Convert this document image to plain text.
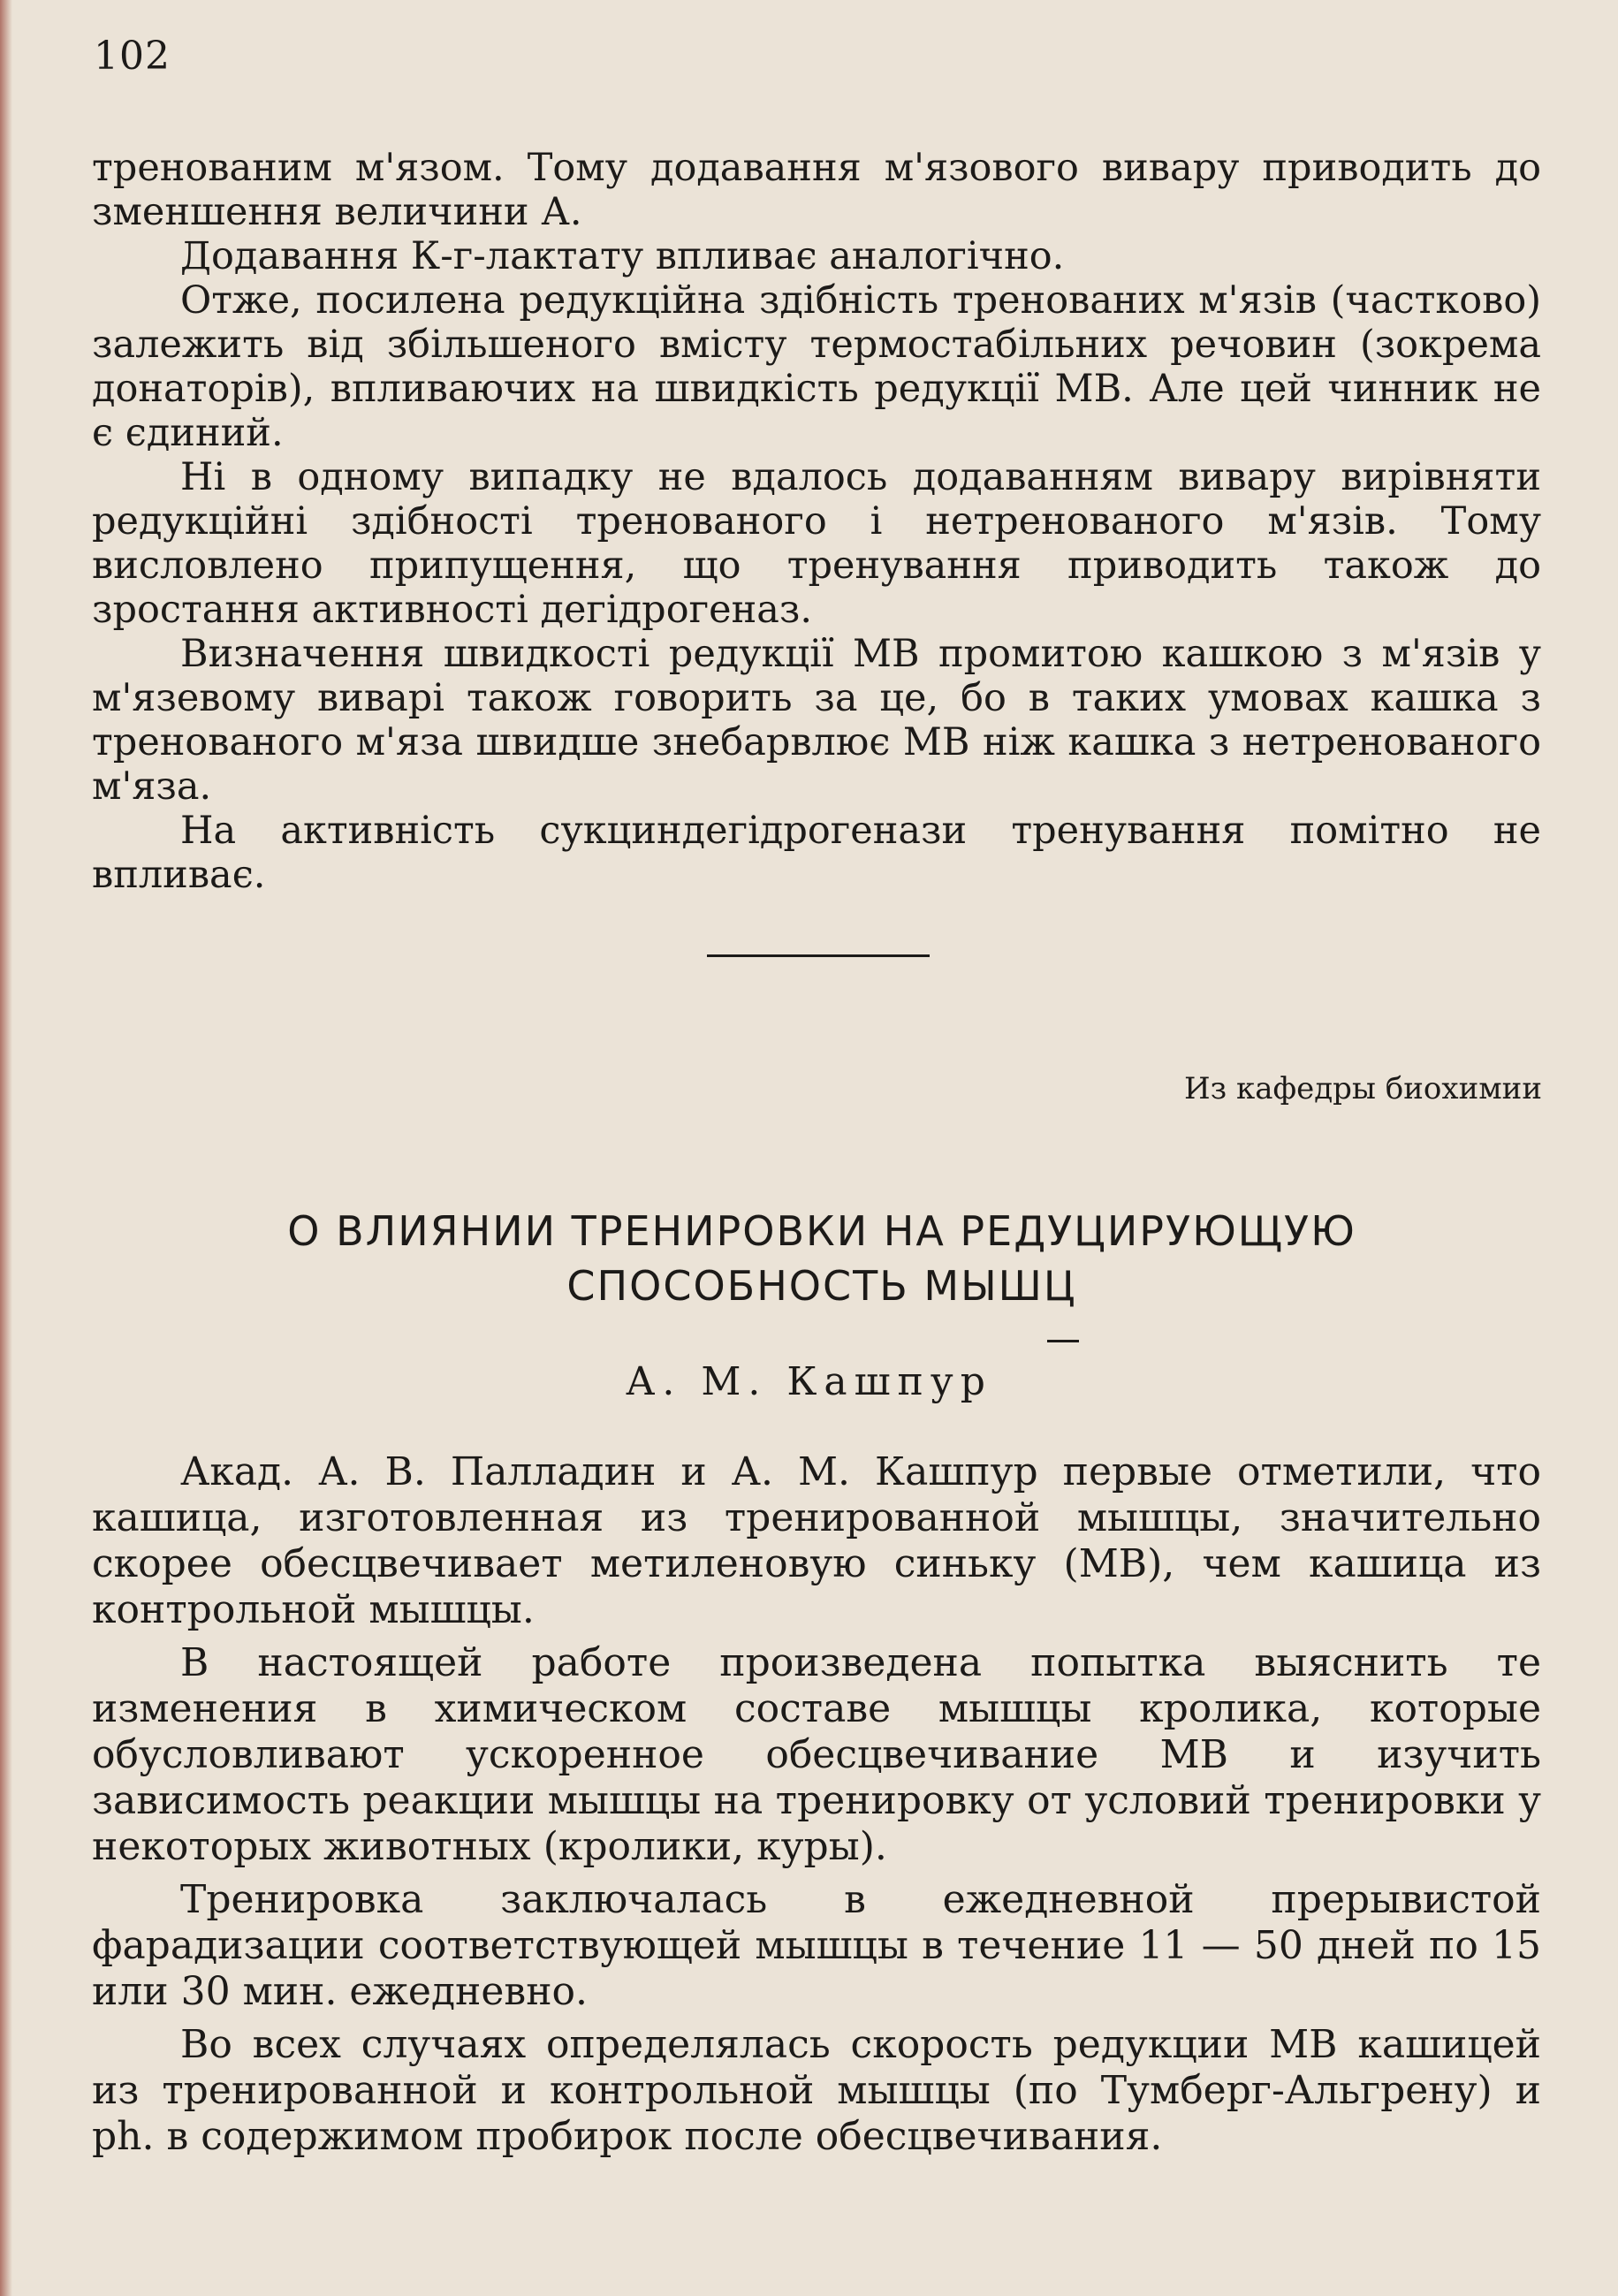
102

тренованим м'язом. Тому додавання м'язового вивару приводить до зменшення величини А.

Додавання К-г-лактату впливає аналогічно.

Отже, посилена редукційна здібність тренованих м'язів (частково) залежить від збільшеного вмісту термостабільних речовин (зокрема донаторів), впливаючих на швидкість редукції МВ. Але цей чинник не є єдиний.

Ні в одному випадку не вдалось додаванням вивару вирівняти редукційні здібності тренованого і нетренованого м'язів. Тому висловлено припущення, що тренування приводить також до зростання активності дегідрогеназ.

Визначення швидкості редукції МВ промитою кашкою з м'язів у м'язевому виварі також говорить за це, бо в таких умовах кашка з тренованого м'яза швидше знебарвлює МВ ніж кашка з нетренованого м'яза.

На активність сукциндегідрогенази тренування помітно не впливає.

Из кафедры биохимии
О ВЛИЯНИИ ТРЕНИРОВКИ НА РЕДУЦИРУЮЩУЮ
СПОСОБНОСТЬ МЫШЦ
А. М. Кашпур

Акад. А. В. Палладин и А. М. Кашпур первые отметили, что кашица, изготовленная из тренированной мышцы, значительно скорее обесцвечивает метиленовую синьку (МВ), чем кашица из контрольной мышцы.

В настоящей работе произведена попытка выяснить те изменения в химическом составе мышцы кролика, которые обусловливают ускоренное обесцвечивание МВ и изучить зависимость реакции мышцы на тренировку от условий тренировки у некоторых животных (кролики, куры).

Тренировка заключалась в ежедневной прерывистой фарадизации соответствующей мышцы в течение 11 — 50 дней по 15 или 30 мин. ежедневно.

Во всех случаях определялась скорость редукции МВ кашицей из тренированной и контрольной мышцы (по Тумберг-Альгрену) и рh. в содержимом пробирок после обесцвечивания.
